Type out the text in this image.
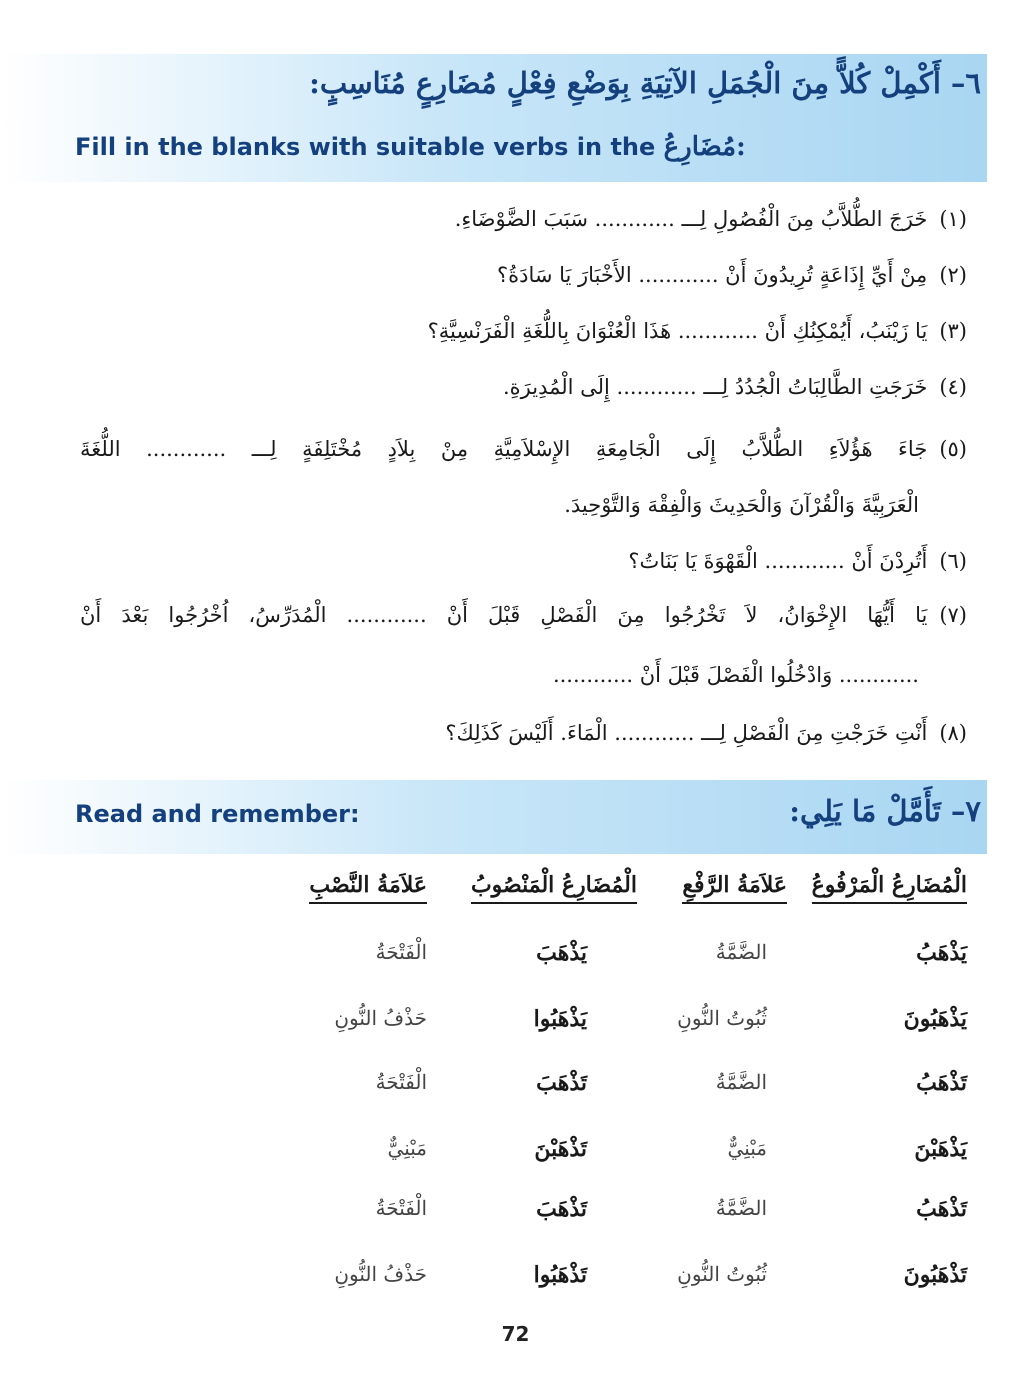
٦–أَكْمِلْ كُلاًّ مِنَ الْجُمَلِ الآتِيَةِ بِوَضْعِ فِعْلٍ مُضَارِعٍ مُنَاسِبٍ:
Fill in the blanks with suitable verbs in the مُضَارِعُ:
(١)خَرَجَ الطُّلاَّبُ مِنَ الْفُصُولِ لِـــ ............ سَبَبَ الضَّوْضَاءِ.
(٢)مِنْ أَيِّ إِذَاعَةٍ تُرِيدُونَ أَنْ ............ الأَخْبَارَ يَا سَادَةُ؟
(٣)يَا زَيْنَبُ، أَيُمْكِنُكِ أَنْ ............ هَذَا الْعُنْوَانَ بِاللُّغَةِ الْفَرَنْسِيَّةِ؟
(٤)خَرَجَتِ الطَّالِبَاتُ الْجُدُدُ لِـــ ............ إِلَى الْمُدِيرَةِ.
(٥)جَاءَ هَؤُلاَءِ الطُّلاَّبُ إِلَى الْجَامِعَةِ الإِسْلاَمِيَّةِ مِنْ بِلاَدٍ مُخْتَلِفَةٍ لِـــ ............ اللُّغَةَ
الْعَرَبِيَّةَ وَالْقُرْآنَ وَالْحَدِيثَ وَالْفِقْهَ وَالتَّوْحِيدَ.
(٦)أَتُرِدْنَ أَنْ ............ الْقَهْوَةَ يَا بَنَاتُ؟
(٧)يَا أَيُّهَا الإِخْوَانُ، لاَ تَخْرُجُوا مِنَ الْفَصْلِ قَبْلَ أَنْ ............ الْمُدَرِّسُ، اُخْرُجُوا بَعْدَ أَنْ
............ وَادْخُلُوا الْفَصْلَ قَبْلَ أَنْ ............
(٨)أَنْتِ خَرَجْتِ مِنَ الْفَصْلِ لِـــ ............ الْمَاءَ. أَلَيْسَ كَذَلِكَ؟
٧– تَأَمَّلْ مَا يَلِي:
Read and remember:
الْمُضَارِعُ الْمَرْفُوعُ
عَلاَمَةُ الرَّفْعِ
الْمُضَارِعُ الْمَنْصُوبُ
عَلاَمَةُ النَّصْبِ
يَذْهَبُ
الضَّمَّةُ
يَذْهَبَ
الْفَتْحَةُ
يَذْهَبُونَ
ثُبُوتُ النُّونِ
يَذْهَبُوا
حَذْفُ النُّونِ
تَذْهَبُ
الضَّمَّةُ
تَذْهَبَ
الْفَتْحَةُ
يَذْهَبْنَ
مَبْنِيٌّ
تَذْهَبْنَ
مَبْنِيٌّ
تَذْهَبُ
الضَّمَّةُ
تَذْهَبَ
الْفَتْحَةُ
تَذْهَبُونَ
ثُبُوتُ النُّونِ
تَذْهَبُوا
حَذْفُ النُّونِ
72
